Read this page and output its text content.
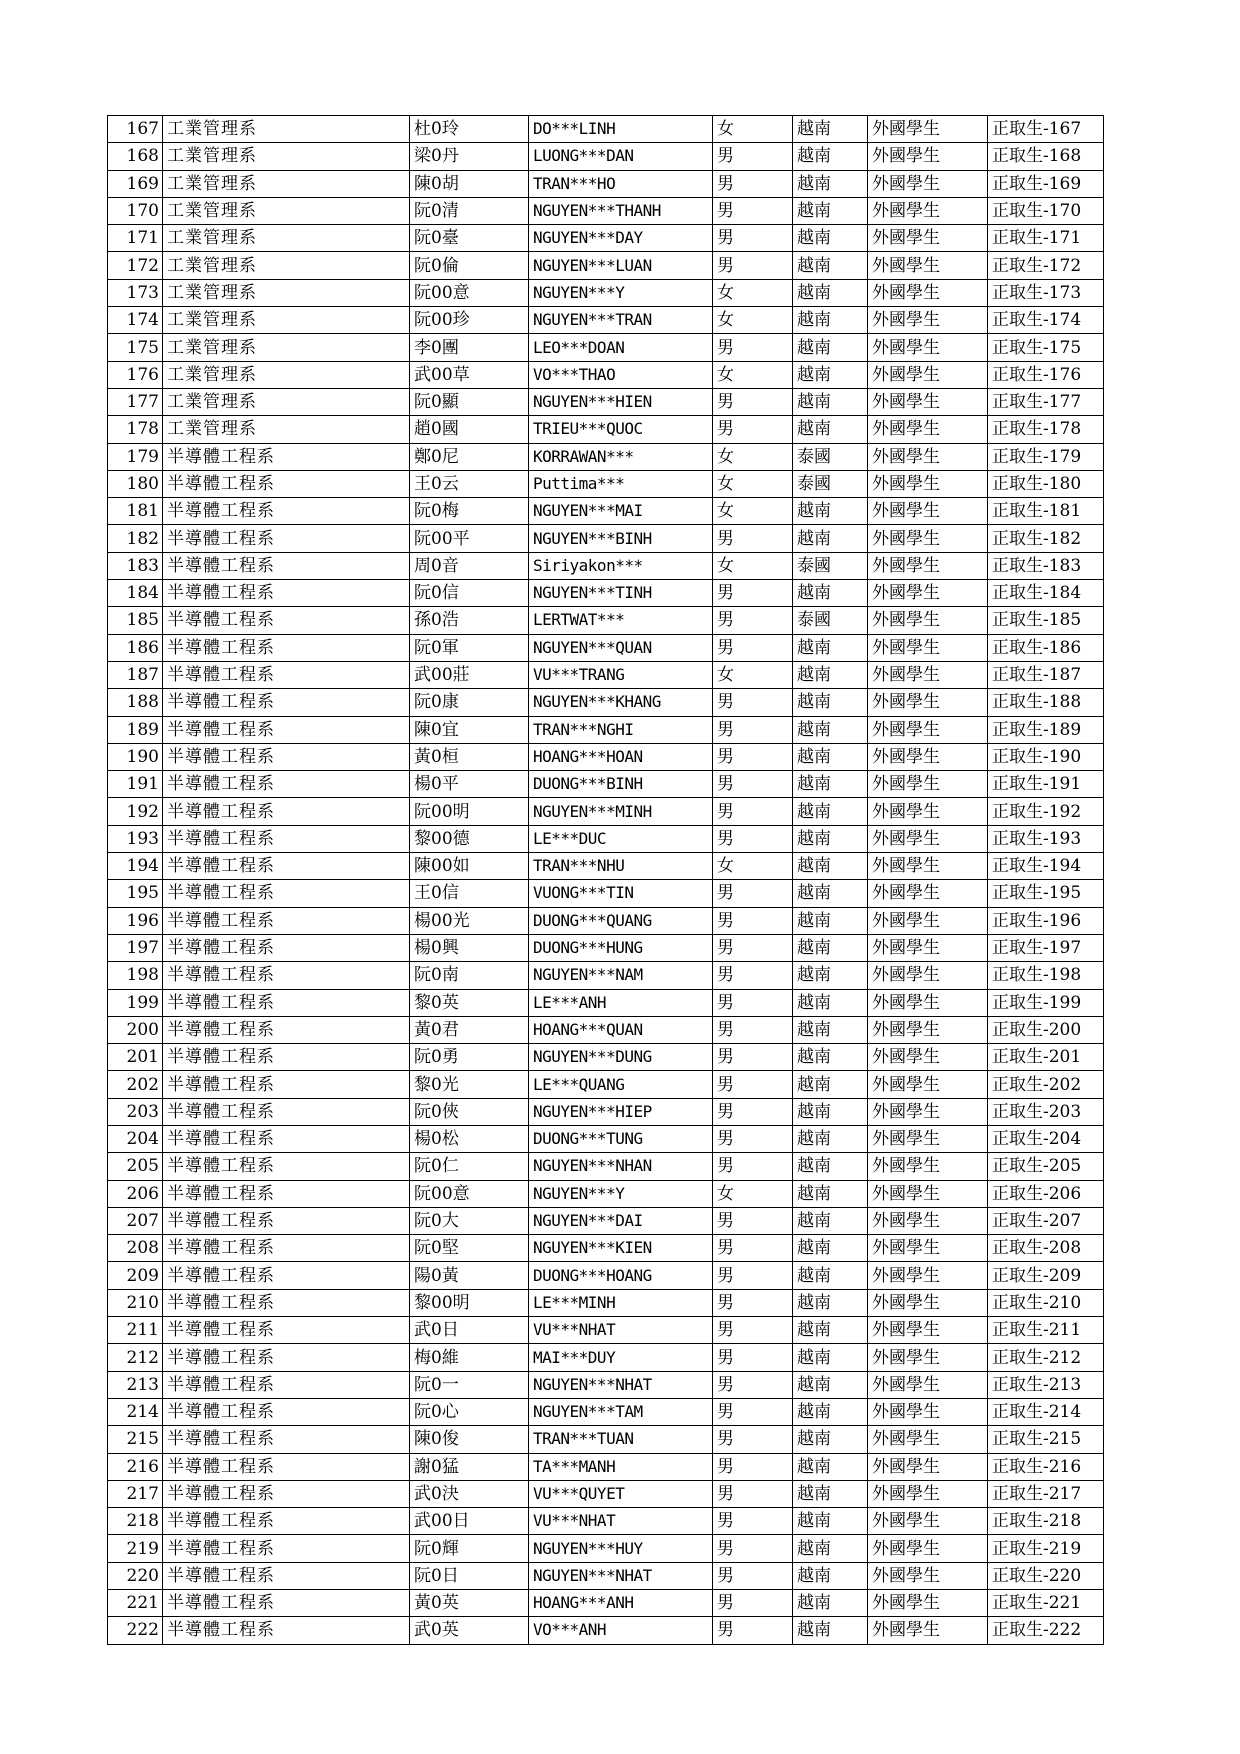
167	工業管理系	杜0玲	DO***LINH	女	越南	外國學生	正取生-167
168	工業管理系	梁0丹	LUONG***DAN	男	越南	外國學生	正取生-168
169	工業管理系	陳0胡	TRAN***HO	男	越南	外國學生	正取生-169
170	工業管理系	阮0清	NGUYEN***THANH	男	越南	外國學生	正取生-170
171	工業管理系	阮0臺	NGUYEN***DAY	男	越南	外國學生	正取生-171
172	工業管理系	阮0倫	NGUYEN***LUAN	男	越南	外國學生	正取生-172
173	工業管理系	阮00意	NGUYEN***Y	女	越南	外國學生	正取生-173
174	工業管理系	阮00珍	NGUYEN***TRAN	女	越南	外國學生	正取生-174
175	工業管理系	李0團	LEO***DOAN	男	越南	外國學生	正取生-175
176	工業管理系	武00草	VO***THAO	女	越南	外國學生	正取生-176
177	工業管理系	阮0顯	NGUYEN***HIEN	男	越南	外國學生	正取生-177
178	工業管理系	趙0國	TRIEU***QUOC	男	越南	外國學生	正取生-178
179	半導體工程系	鄭0尼	KORRAWAN***	女	泰國	外國學生	正取生-179
180	半導體工程系	王0云	Puttima***	女	泰國	外國學生	正取生-180
181	半導體工程系	阮0梅	NGUYEN***MAI	女	越南	外國學生	正取生-181
182	半導體工程系	阮00平	NGUYEN***BINH	男	越南	外國學生	正取生-182
183	半導體工程系	周0音	Siriyakon***	女	泰國	外國學生	正取生-183
184	半導體工程系	阮0信	NGUYEN***TINH	男	越南	外國學生	正取生-184
185	半導體工程系	孫0浩	LERTWAT***	男	泰國	外國學生	正取生-185
186	半導體工程系	阮0軍	NGUYEN***QUAN	男	越南	外國學生	正取生-186
187	半導體工程系	武00莊	VU***TRANG	女	越南	外國學生	正取生-187
188	半導體工程系	阮0康	NGUYEN***KHANG	男	越南	外國學生	正取生-188
189	半導體工程系	陳0宜	TRAN***NGHI	男	越南	外國學生	正取生-189
190	半導體工程系	黃0桓	HOANG***HOAN	男	越南	外國學生	正取生-190
191	半導體工程系	楊0平	DUONG***BINH	男	越南	外國學生	正取生-191
192	半導體工程系	阮00明	NGUYEN***MINH	男	越南	外國學生	正取生-192
193	半導體工程系	黎00德	LE***DUC	男	越南	外國學生	正取生-193
194	半導體工程系	陳00如	TRAN***NHU	女	越南	外國學生	正取生-194
195	半導體工程系	王0信	VUONG***TIN	男	越南	外國學生	正取生-195
196	半導體工程系	楊00光	DUONG***QUANG	男	越南	外國學生	正取生-196
197	半導體工程系	楊0興	DUONG***HUNG	男	越南	外國學生	正取生-197
198	半導體工程系	阮0南	NGUYEN***NAM	男	越南	外國學生	正取生-198
199	半導體工程系	黎0英	LE***ANH	男	越南	外國學生	正取生-199
200	半導體工程系	黃0君	HOANG***QUAN	男	越南	外國學生	正取生-200
201	半導體工程系	阮0勇	NGUYEN***DUNG	男	越南	外國學生	正取生-201
202	半導體工程系	黎0光	LE***QUANG	男	越南	外國學生	正取生-202
203	半導體工程系	阮0俠	NGUYEN***HIEP	男	越南	外國學生	正取生-203
204	半導體工程系	楊0松	DUONG***TUNG	男	越南	外國學生	正取生-204
205	半導體工程系	阮0仁	NGUYEN***NHAN	男	越南	外國學生	正取生-205
206	半導體工程系	阮00意	NGUYEN***Y	女	越南	外國學生	正取生-206
207	半導體工程系	阮0大	NGUYEN***DAI	男	越南	外國學生	正取生-207
208	半導體工程系	阮0堅	NGUYEN***KIEN	男	越南	外國學生	正取生-208
209	半導體工程系	陽0黃	DUONG***HOANG	男	越南	外國學生	正取生-209
210	半導體工程系	黎00明	LE***MINH	男	越南	外國學生	正取生-210
211	半導體工程系	武0日	VU***NHAT	男	越南	外國學生	正取生-211
212	半導體工程系	梅0維	MAI***DUY	男	越南	外國學生	正取生-212
213	半導體工程系	阮0一	NGUYEN***NHAT	男	越南	外國學生	正取生-213
214	半導體工程系	阮0心	NGUYEN***TAM	男	越南	外國學生	正取生-214
215	半導體工程系	陳0俊	TRAN***TUAN	男	越南	外國學生	正取生-215
216	半導體工程系	謝0猛	TA***MANH	男	越南	外國學生	正取生-216
217	半導體工程系	武0決	VU***QUYET	男	越南	外國學生	正取生-217
218	半導體工程系	武00日	VU***NHAT	男	越南	外國學生	正取生-218
219	半導體工程系	阮0輝	NGUYEN***HUY	男	越南	外國學生	正取生-219
220	半導體工程系	阮0日	NGUYEN***NHAT	男	越南	外國學生	正取生-220
221	半導體工程系	黃0英	HOANG***ANH	男	越南	外國學生	正取生-221
222	半導體工程系	武0英	VO***ANH	男	越南	外國學生	正取生-222
